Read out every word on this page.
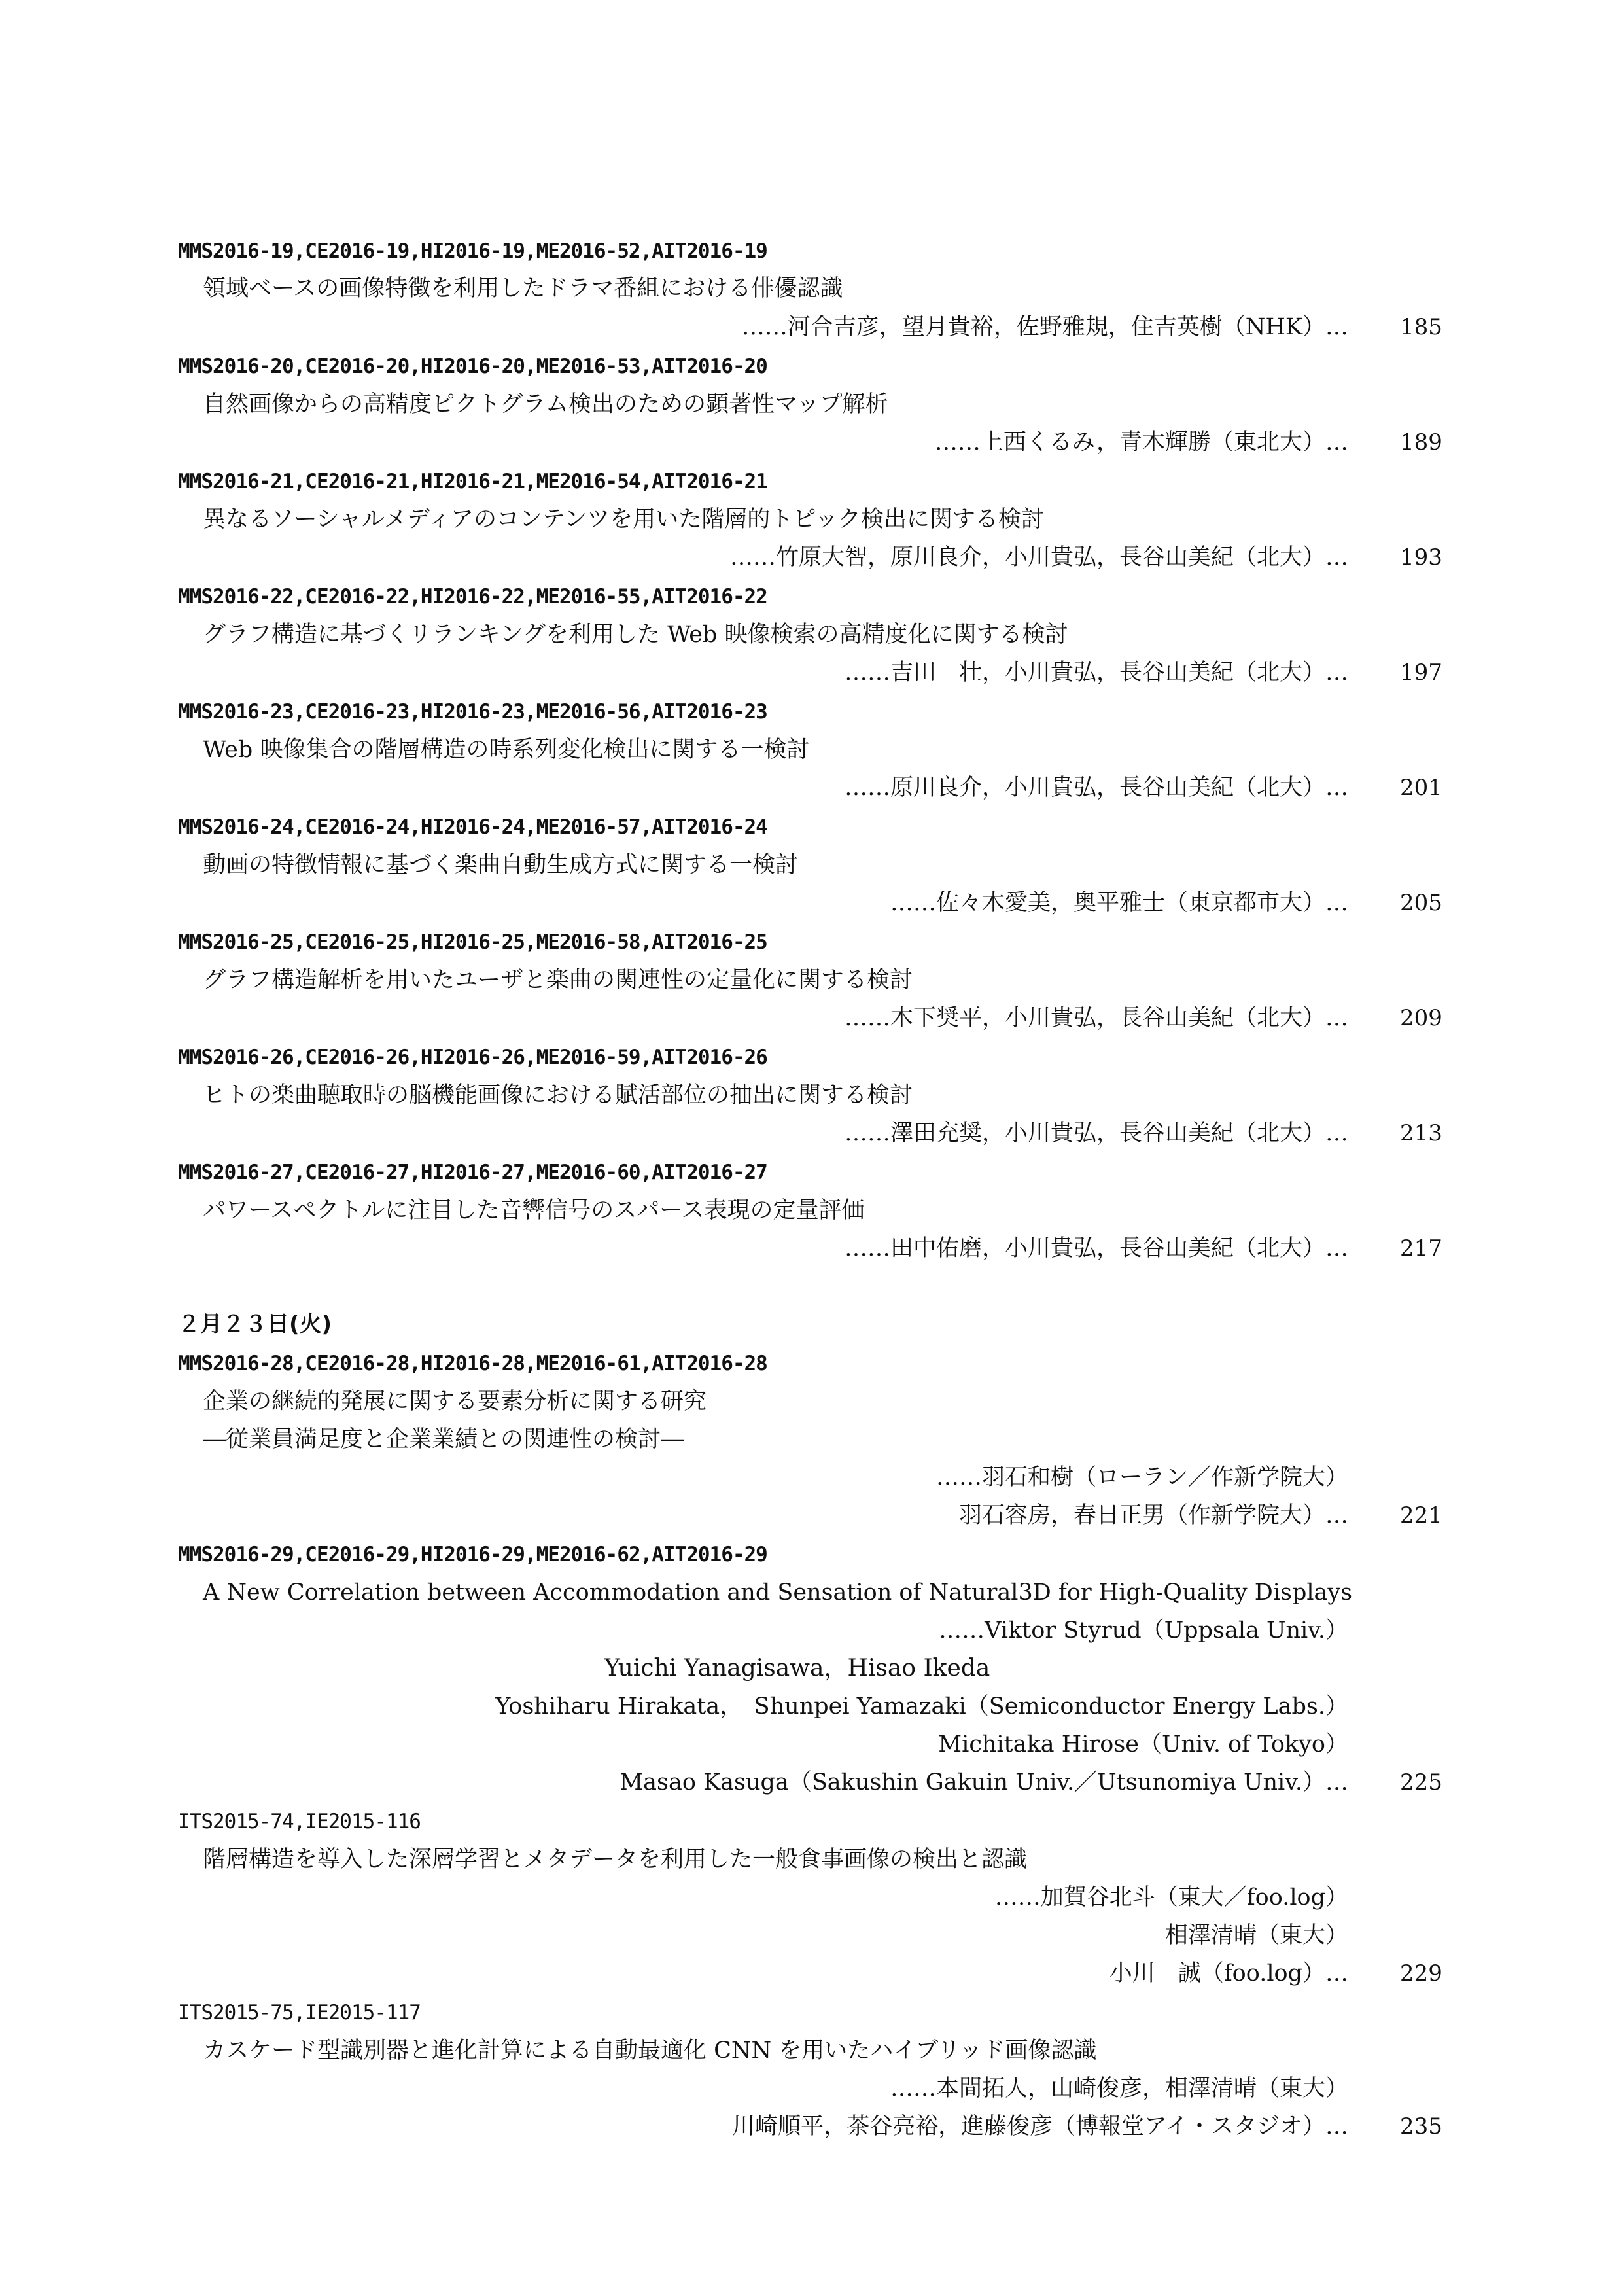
MMS2016-19,CE2016-19,HI2016-19,ME2016-52,AIT2016-19
領域ベースの画像特徴を利用したドラマ番組における俳優認識
……河合吉彦，望月貴裕，佐野雅規，住吉英樹（NHK）… 185
MMS2016-20,CE2016-20,HI2016-20,ME2016-53,AIT2016-20
自然画像からの高精度ピクトグラム検出のための顕著性マップ解析
……上西くるみ，青木輝勝（東北大）… 189
MMS2016-21,CE2016-21,HI2016-21,ME2016-54,AIT2016-21
異なるソーシャルメディアのコンテンツを用いた階層的トピック検出に関する検討
……竹原大智，原川良介，小川貴弘，長谷山美紀（北大）… 193
MMS2016-22,CE2016-22,HI2016-22,ME2016-55,AIT2016-22
グラフ構造に基づくリランキングを利用した Web 映像検索の高精度化に関する検討
……吉田　壮，小川貴弘，長谷山美紀（北大）… 197
MMS2016-23,CE2016-23,HI2016-23,ME2016-56,AIT2016-23
Web 映像集合の階層構造の時系列変化検出に関する一検討
……原川良介，小川貴弘，長谷山美紀（北大）… 201
MMS2016-24,CE2016-24,HI2016-24,ME2016-57,AIT2016-24
動画の特徴情報に基づく楽曲自動生成方式に関する一検討
……佐々木愛美，奥平雅士（東京都市大）… 205
MMS2016-25,CE2016-25,HI2016-25,ME2016-58,AIT2016-25
グラフ構造解析を用いたユーザと楽曲の関連性の定量化に関する検討
……木下奨平，小川貴弘，長谷山美紀（北大）… 209
MMS2016-26,CE2016-26,HI2016-26,ME2016-59,AIT2016-26
ヒトの楽曲聴取時の脳機能画像における賦活部位の抽出に関する検討
……澤田充奨，小川貴弘，長谷山美紀（北大）… 213
MMS2016-27,CE2016-27,HI2016-27,ME2016-60,AIT2016-27
パワースペクトルに注目した音響信号のスパース表現の定量評価
……田中佑磨，小川貴弘，長谷山美紀（北大）… 217
２月２３日(火)
MMS2016-28,CE2016-28,HI2016-28,ME2016-61,AIT2016-28
企業の継続的発展に関する要素分析に関する研究
―従業員満足度と企業業績との関連性の検討―
……羽石和樹（ローラン／作新学院大）
羽石容房，春日正男（作新学院大）… 221
MMS2016-29,CE2016-29,HI2016-29,ME2016-62,AIT2016-29
A New Correlation between Accommodation and Sensation of Natural3D for High-Quality Displays
……Viktor Styrud（Uppsala Univ.）
Yuichi Yanagisawa，Hisao Ikeda
Yoshiharu Hirakata，　Shunpei Yamazaki（Semiconductor Energy Labs.）
Michitaka Hirose（Univ. of Tokyo）
Masao Kasuga（Sakushin Gakuin Univ.／Utsunomiya Univ.）… 225
ITS2015-74,IE2015-116
階層構造を導入した深層学習とメタデータを利用した一般食事画像の検出と認識
……加賀谷北斗（東大／foo.log）
相澤清晴（東大）
小川　誠（foo.log）… 229
ITS2015-75,IE2015-117
カスケード型識別器と進化計算による自動最適化 CNN を用いたハイブリッド画像認識
……本間拓人，山崎俊彦，相澤清晴（東大）
川崎順平，茶谷亮裕，進藤俊彦（博報堂アイ・スタジオ）… 235
